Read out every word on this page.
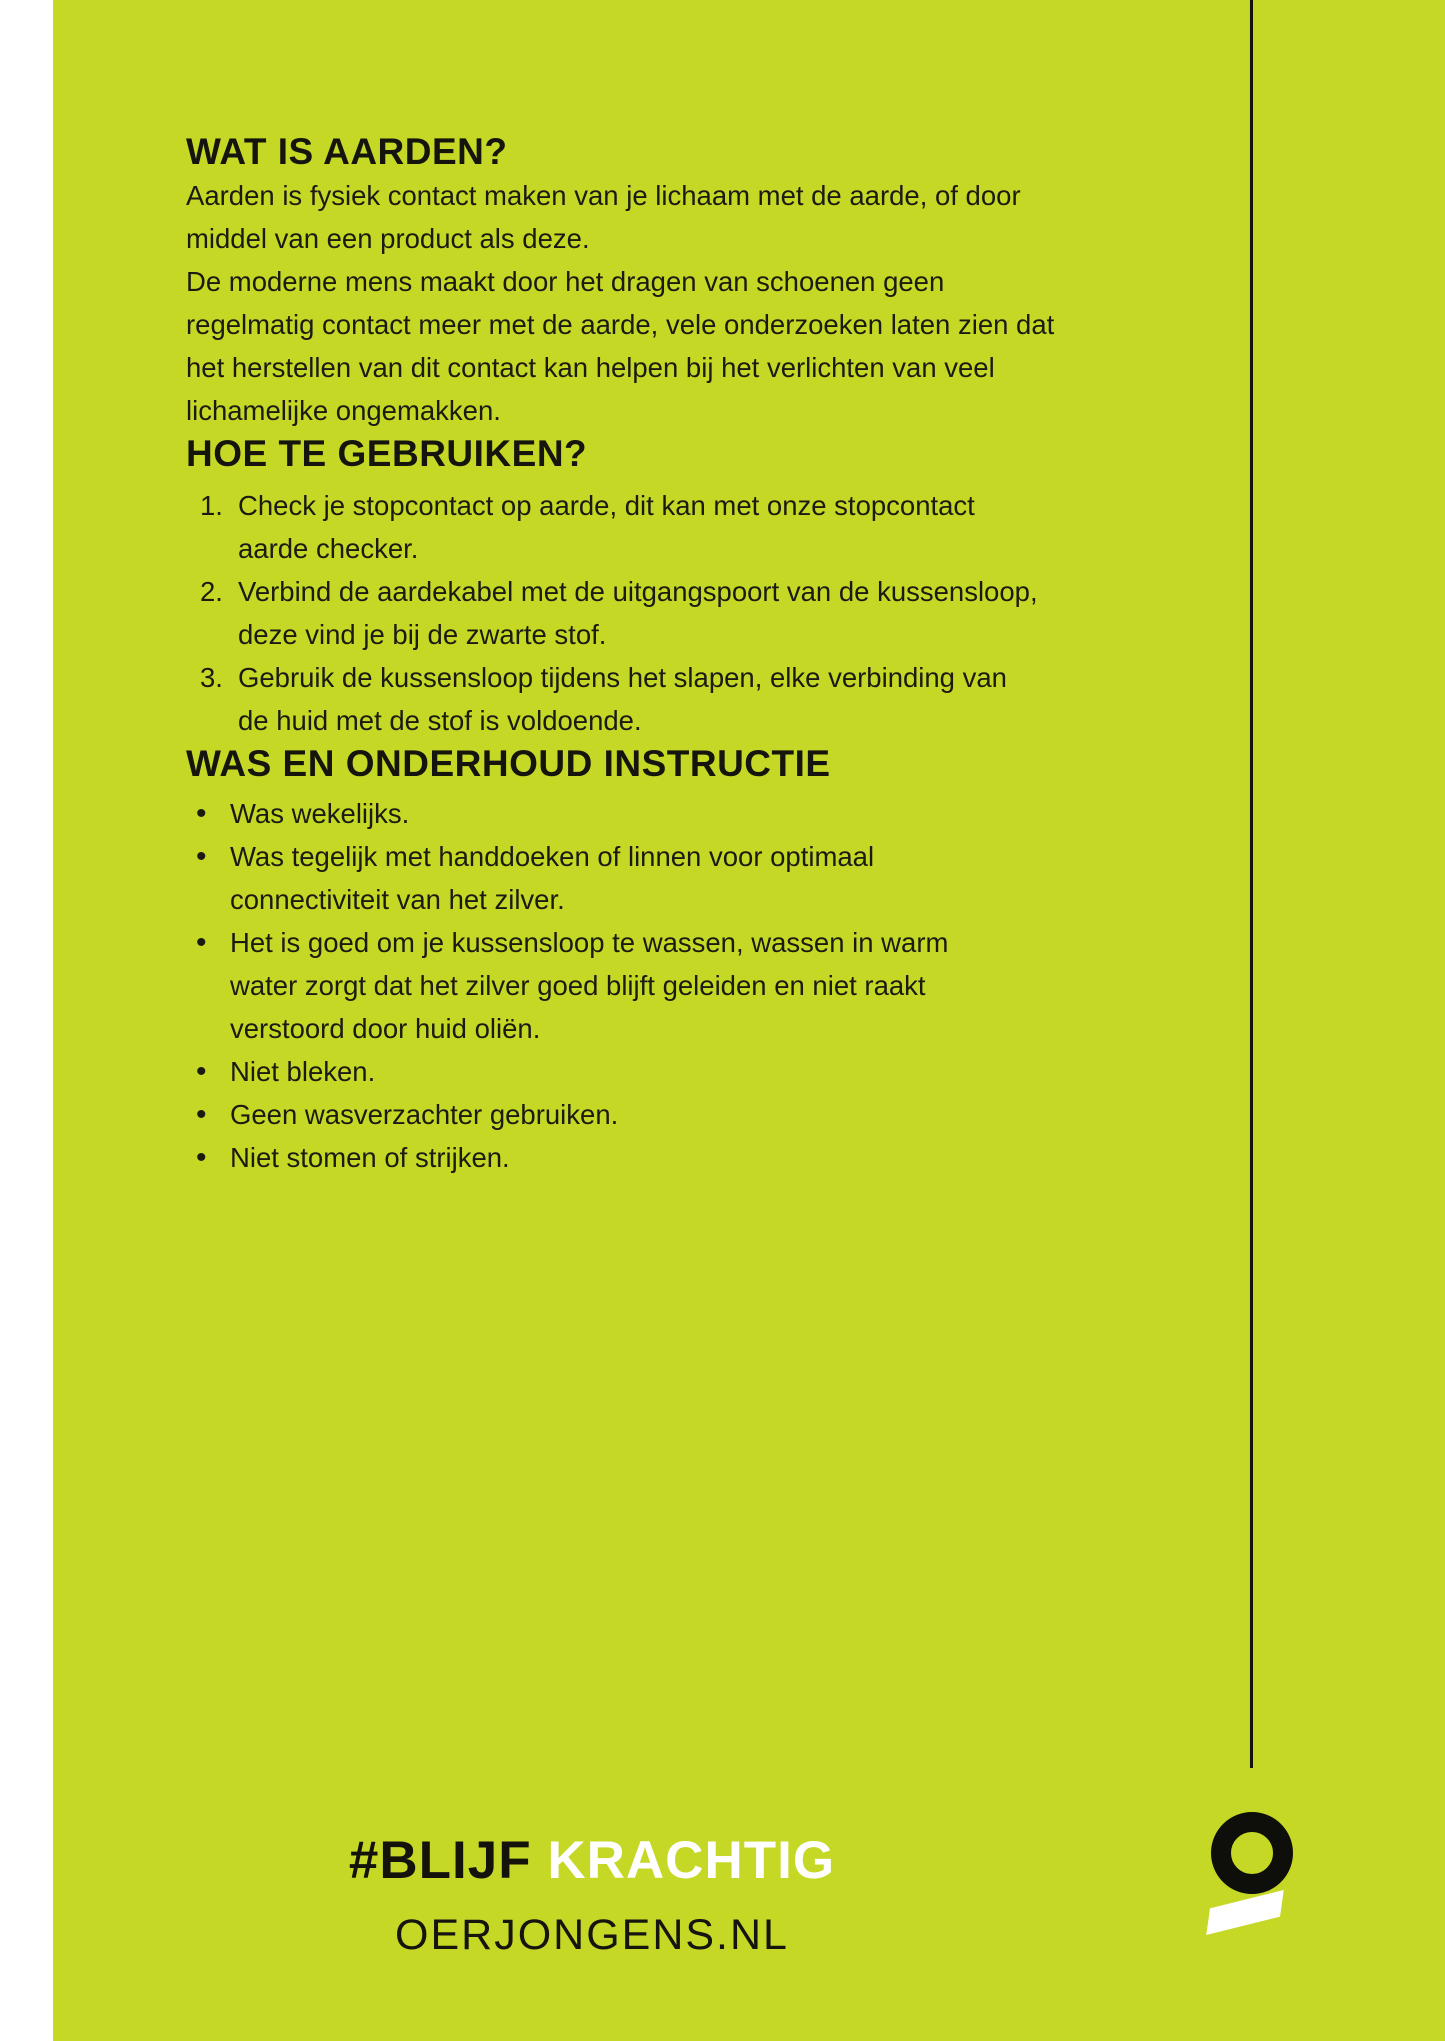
WAT IS AARDEN?

Aarden is fysiek contact maken van je lichaam met de aarde, of door middel van een product als deze.

De moderne mens maakt door het dragen van schoenen geen regelmatig contact meer met de aarde, vele onderzoeken laten zien dat het herstellen van dit contact kan helpen bij het verlichten van veel lichamelijke ongemakken.

HOE TE GEBRUIKEN?
1. Check je stopcontact op aarde, dit kan met onze stopcontact aarde checker.
2. Verbind de aardekabel met de uitgangspoort van de kussensloop, deze vind je bij de zwarte stof.
3. Gebruik de kussensloop tijdens het slapen, elke verbinding van de huid met de stof is voldoende.
WAS EN ONDERHOUD INSTRUCTIE
•
Was wekelijks.
•
Was tegelijk met handdoeken of linnen voor optimaal connectiviteit van het zilver.
•
Het is goed om je kussensloop te wassen, wassen in warm water zorgt dat het zilver goed blijft geleiden en niet raakt verstoord door huid oliën.
•
Niet bleken.
•
Geen wasverzachter gebruiken.
•
Niet stomen of strijken.
#BLIJF KRACHTIG
OERJONGENS.NL
